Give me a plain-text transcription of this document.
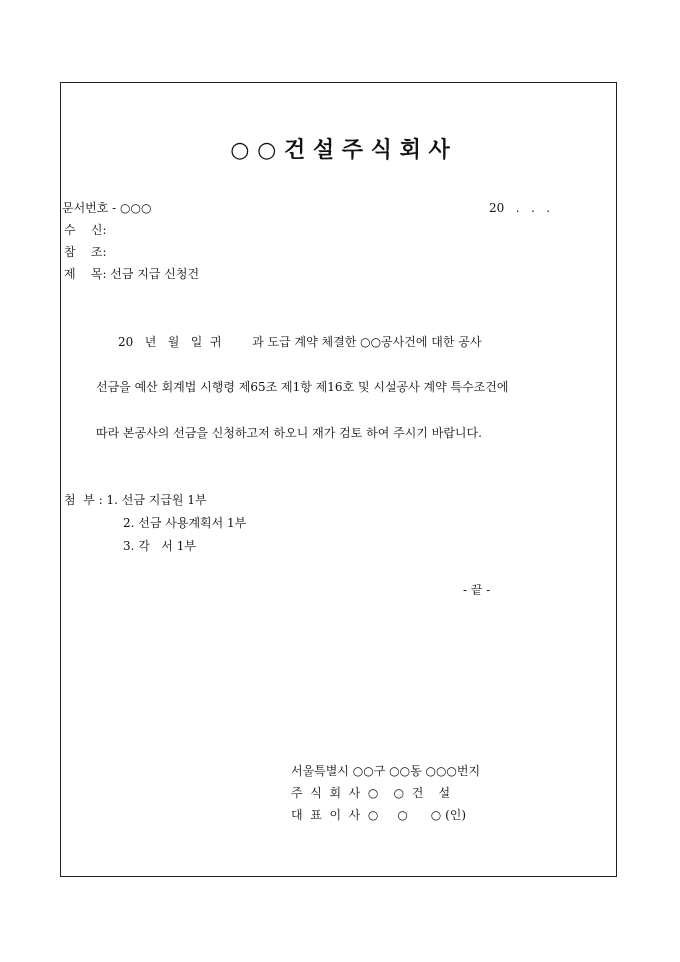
○ ○ 건 설 주 식 회 사
문서번호 - ○○○	20   .   .   .
수    신:
참    조:
제    목: 선금 지급 신청건
20   년   월   일  귀        과 도급 계약 체결한 ○○공사건에 대한 공사
선금을 예산 회계법 시행령 제65조 제1항 제16호 및 시설공사 계약 특수조건에
따라 본공사의 선금을 신청하고저 하오니 재가 검토 하여 주시기 바랍니다.
첨  부 : 1. 선금 지급원 1부
2. 선금 사용계획서 1부
3. 각   서 1부
- 끝 -
서울특별시 ○○구 ○○동 ○○○번지
주  식  회  사  ○    ○  건    설
대  표  이  사  ○     ○      ○ (인)
